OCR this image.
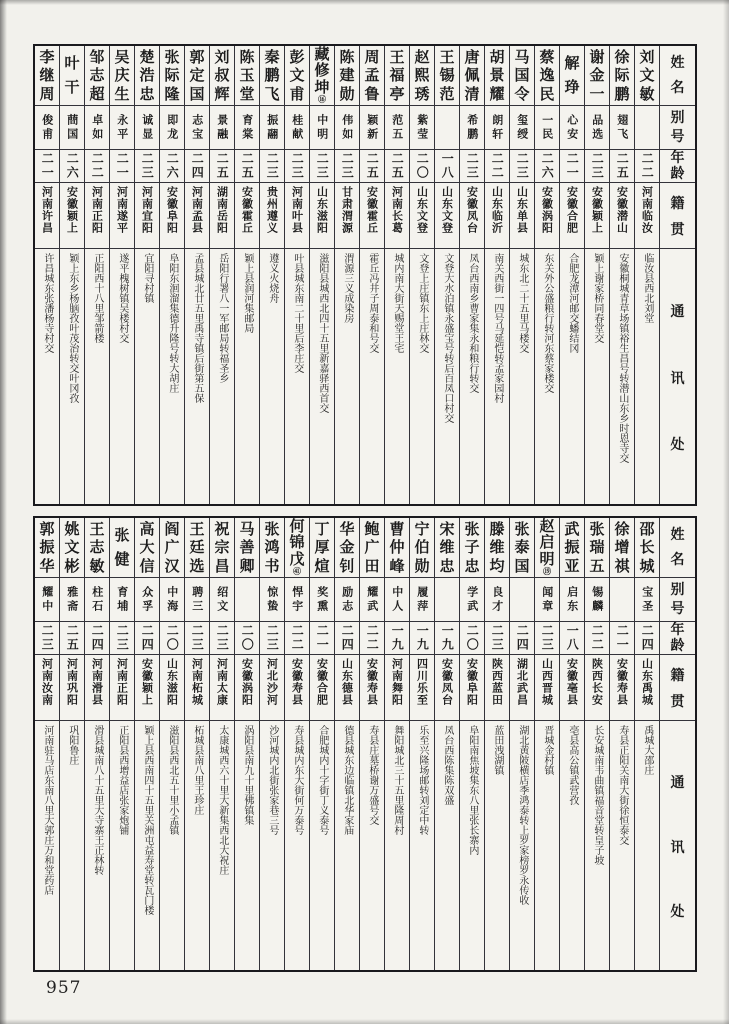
姓
名
别
号
年
龄
籍
贯
通
讯
处
刘
文
敏
二二
河南临汝
临汝县西北刘堂
徐
际
鹏
翅飞
二五
安徽潜山
安徽桐城青草场镇裕生昌号转潜山东乡时恩寺交
谢
金
一
品选
二三
安徽颖上
颖上谢家桥同春堂交
解
琤
心安
二一
安徽合肥
合肥龙潭河邮交蟠结冈
蔡
逸
民
一民
二六
安徽涡阳
东关外公盛粮行转河东蔡家楼交
马
国
令
玺绶
二三
山东单县
城东北二十五里马楼交
胡
景
耀
朗轩
二二
山东临沂
南关西街一四号马延恺转孟家园村
唐
佩
清
希鹏
二三
安徽凤台
凤台西南乡曹家集永和粮行转交
王
锡
范
一八
山东文登
文登大水泊镇永盛宝号转后百凤口村交
赵
熙
琇
紫莹
二〇
山东文登
文登上庄镇东上庄林交
王
福
亭
范五
二五
河南长葛
城内南大街天赐堂王宅
周
孟
鲁
颖新
二五
安徽霍丘
霍丘冯井子周泰和号交
陈
建
勋
伟如
二三
甘肃渭源
渭源三义成染房
藏
修
坤
⑯
中明
二三
山东滋阳
滋阳县城西北四十五里新嘉驿西首交
彭
文
甫
桂献
二三
河南叶县
叶县城东南二十里后李庄交
秦
鹏
飞
振翮
二三
贵州遵义
遵义火烧舟
陈
玉
堂
育棠
二五
安徽霍丘
颖上县润河集邮局
刘
叔
辉
景融
二五
湖南岳阳
岳阳行署八一军邮局转福圣乡
郭
定
国
志宝
二四
河南孟县
孟县城北廿五里禹寺镇后街第五保
张
际
隆
即龙
二六
安徽阜阳
阜阳东洄溜集德升隆号转大胡庄
楚
浩
忠
诚显
二三
河南宜阳
宜阳寻村镇
吴
庆
生
永平
二一
河南遂平
遂平槐树镇吴楼村交
邹
志
超
卓如
二二
河南正阳
正阳西十八里邹箭楼
叶
干
蔄国
二六
安徽颖上
颖上东乡杨脑孜叶茂治转交叶冈孜
李
继
周
俊甫
二一
河南许昌
许昌城东张潘杨寺村交
姓
名
别
号
年
龄
籍
贯
通
讯
处
邵
长
城
宝圣
二四
山东禹城
禹城大邵庄
徐
增
祺
二一
安徽寿县
寿县正阳关南大街徐恒泰交
张
瑞
五
锡麟
二二
陕西长安
长安城南韦曲镇福音堂转皇子坡
武
振
亚
启东
一八
安徽亳县
亳县高公镇武营孜
赵
启
明
⑲
闻章
二三
山西晋城
晋城金村镇
张
泰
国
二四
湖北武昌
湖北黄陂横店季鸿泰转上罗家榜罗永传收
滕
维
均
良才
二三
陕西蓝田
蓝田洩湖镇
张
子
忠
学武
二〇
安徽阜阳
阜阳南焦坡集东八里张长寨内
宋
维
忠
一九
安徽凤台
凤台西陈集陈双盛
宁
伯
勋
履萍
一九
四川乐至
乐至兴隆场邮转刘定中转
曹
仲
峰
中人
一九
河南舞阳
舞阳城北三十五里隆周村
鲍
广
田
耀武
二二
安徽寿县
寿县庄墓桥谢万盛号交
华
金
钊
励志
二四
山东德县
德县城东边临镇北华家庙
丁
厚
煊
奖熏
二一
安徽合肥
合肥城内十字街丁义泰号
何
锦
戊
㊶
悍宇
二二
安徽寿县
寿县城内东大街何万泰号
张
鸿
书
惊蛰
二三
河北沙河
沙河城内北街张家巷三号
马
善
卿
二〇
安徽涡阳
涡阳县南九十里佛镇集
祝
宗
昌
绍文
二三
河南太康
太康城西六十里大新集西北大祝庄
王
廷
选
聘三
二三
河南柘城
柘城县南八里王珍庄
阎
广
汉
中海
二〇
山东滋阳
滋阳县西北五十里小孟镇
高
大
信
众孚
二四
安徽颖上
颖上县西南四十五里关洲屯益寿堂转瓦门楼
张
健
育埔
二三
河南正阳
正阳县西增益店张家炮铺
王
志
敏
柱石
二四
河南滑县
滑县城南八十五里大寺寨王正林转
姚
文
彬
雅斋
二五
河南巩阳
巩阳鲁庄
郭
振
华
耀中
二三
河南汝南
河南驻马店东南八里大郭庄万和堂药店
957
